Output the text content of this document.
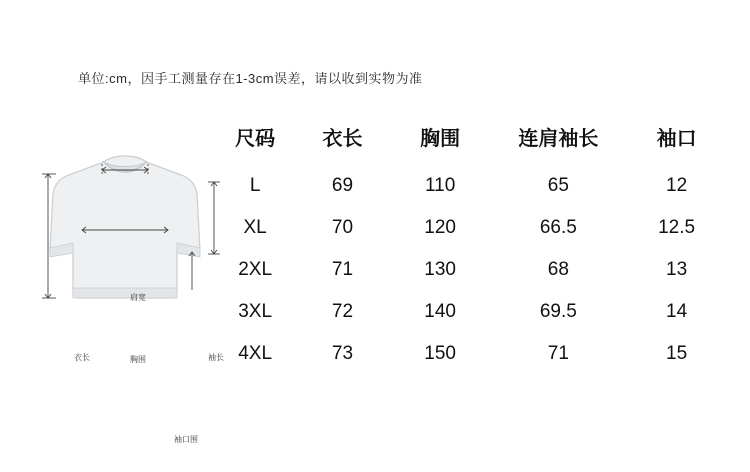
单位:cm，因手工测量存在1-3cm误差，请以收到实物为准
肩宽
胸围
衣长	袖长
袖口围
尺码	衣长	胸围	连肩袖长	袖口
L	69	110	65	12
XL	70	120	66.5	12.5
2XL	71	130	68	13
3XL	72	140	69.5	14
4XL	73	150	71	15
